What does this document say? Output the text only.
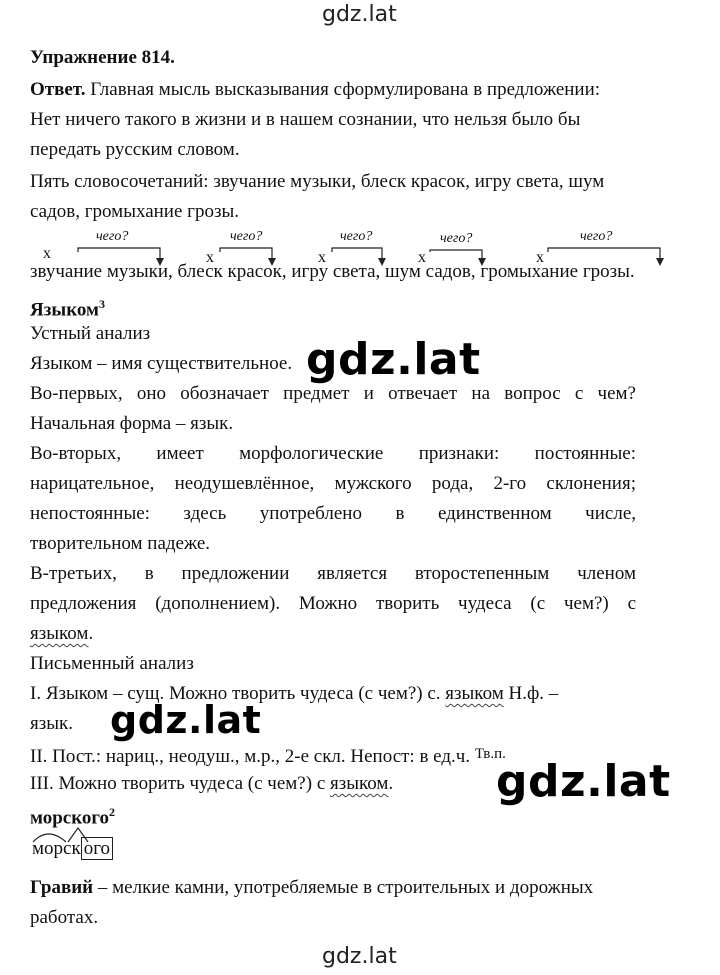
gdz.lat
Упражнение 814.
Ответ. Главная мысль высказывания сформулирована в предложении:
Нет ничего такого в жизни и в нашем сознании, что нельзя было бы
передать русским словом.
Пять словосочетаний: звучание музыки, блеск красок, игру света, шум
садов, громыхание грозы.
чего?	чего?	чего?	чего?	чего?
х	х	х	х	х
звучание музыки, блеск красок, игру света, шум садов, громыхание грозы.
Языком$^3$
Устный анализ
Языком – имя существительное.
Во-первых, оно обозначает предмет и отвечает на вопрос с чем?
Начальная форма – язык.
Во-вторых, имеет морфологические признаки: постоянные:
нарицательное, неодушевлённое, мужского рода, 2-го склонения;
непостоянные: здесь употреблено в единственном числе,
творительном падеже.
В-третьих, в предложении является второстепенным членом
предложения (дополнением). Можно творить чудеса (с чем?) с
языком.
Письменный анализ
I. Языком – сущ. Можно творить чудеса (с чем?) с. языком Н.ф. –
язык.
II. Пост.: нариц., неодуш., м.р., 2-е скл. Непост: в ед.ч. $^{Тв.п.}$
III. Можно творить чудеса (с чем?) с языком.
морского$^2$
морск ого
Гравий – мелкие камни, употребляемые в строительных и дорожных
работах.
gdz.lat
gdz.lat
gdz.lat
gdz.lat
